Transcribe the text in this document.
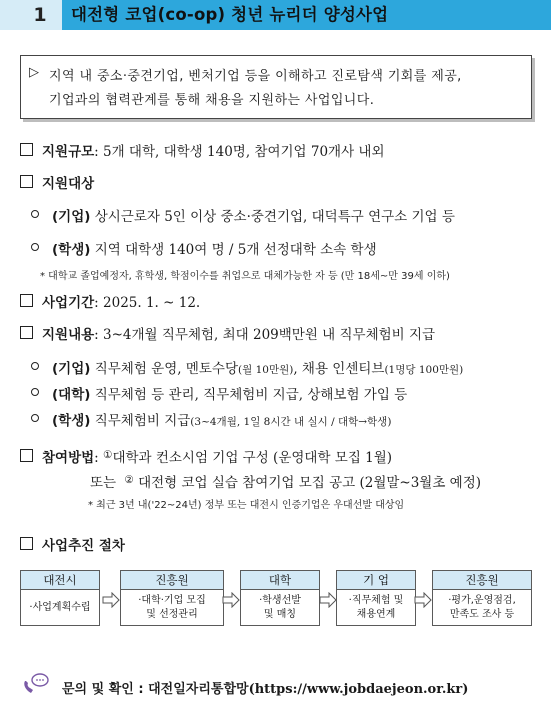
1	대전형 코업(co-op) 청년 뉴리더 양성사업
▷ 지역 내 중소·중견기업, 벤처기업 등을 이해하고 진로탐색 기회를 제공,
기업과의 협력관계를 통해 채용을 지원하는 사업입니다.
지원규모: 5개 대학, 대학생 140명, 참여기업 70개사 내외
지원대상
(기업) 상시근로자 5인 이상 중소·중견기업, 대덕특구 연구소 기업 등
(학생) 지역 대학생 140여 명 / 5개 선정대학 소속 학생
* 대학교 졸업예정자, 휴학생, 학점이수를 취업으로 대체가능한 자 등 (만 18세~만 39세 이하)
사업기간: 2025. 1. ~ 12.
지원내용: 3~4개월 직무체험, 최대 209백만원 내 직무체험비 지급
(기업) 직무체험 운영, 멘토수당(월 10만원), 채용 인센티브(1명당 100만원)
(대학) 직무체험 등 관리, 직무체험비 지급, 상해보험 가입 등
(학생) 직무체험비 지급(3~4개월, 1일 8시간 내 실시 / 대학→학생)
참여방법: ①대학과 컨소시엄 기업 구성 (운영대학 모집 1월)
또는 ② 대전형 코업 실습 참여기업 모집 공고 (2월말~3월초 예정)
* 최근 3년 내('22~24년) 정부 또는 대전시 인증기업은 우대선발 대상임
사업추진 절차
대전시
·사업계획수립
진흥원
·대학·기업 모집
및 선정관리
대학
·학생선발
및 매칭
기 업
·직무체험 및
채용연계
진흥원
·평가,운영점검,
만족도 조사 등
문의 및 확인 : 대전일자리통합망(https://www.jobdaejeon.or.kr)
